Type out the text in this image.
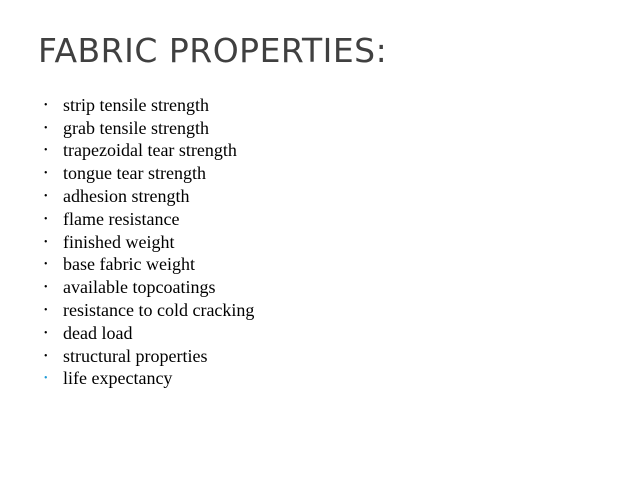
FABRIC PROPERTIES:
• strip tensile strength
• grab tensile strength
• trapezoidal tear strength
• tongue tear strength
• adhesion strength
• flame resistance
• finished weight
• base fabric weight
• available topcoatings
• resistance to cold cracking
• dead load
• structural properties
• life expectancy
